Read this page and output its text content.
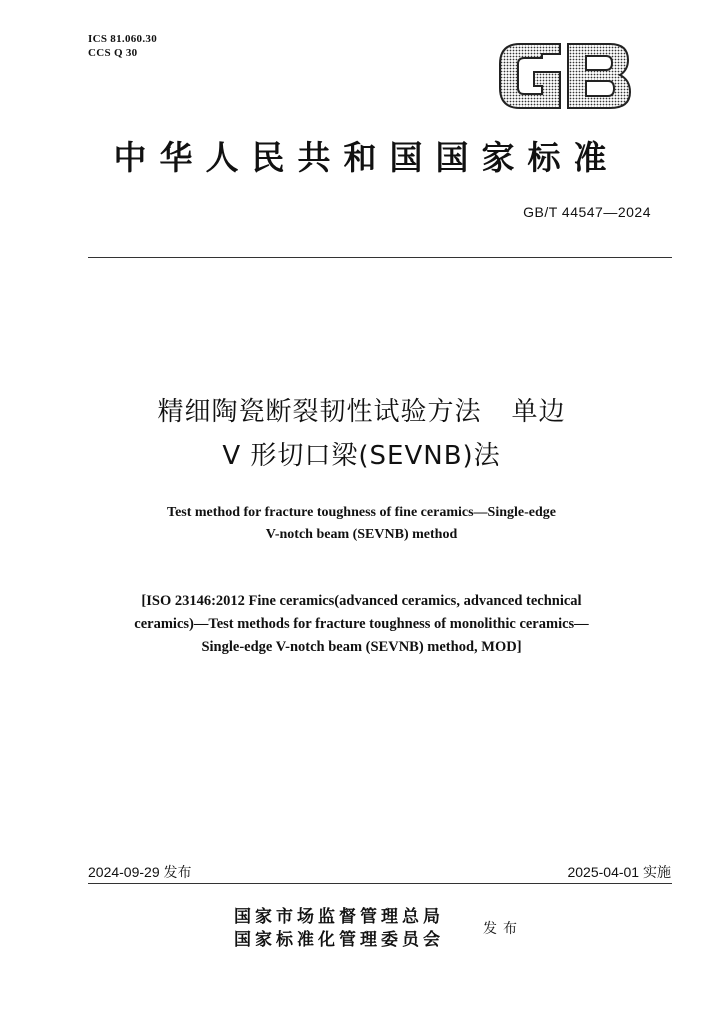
ICS 81.060.30
CCS Q 30
GB
中华人民共和国国家标准
GB/T 44547—2024
精细陶瓷断裂韧性试验方法 单边
V 形切口梁(SEVNB)法
Test method for fracture toughness of fine ceramics—Single-edge
V-notch beam (SEVNB) method
[ISO 23146:2012 Fine ceramics(advanced ceramics, advanced technical
ceramics)—Test methods for fracture toughness of monolithic ceramics—
Single-edge V-notch beam (SEVNB) method, MOD]
2024-09-29 发布	2025-04-01 实施
国家市场监督管理总局
国家标准化管理委员会
发布
